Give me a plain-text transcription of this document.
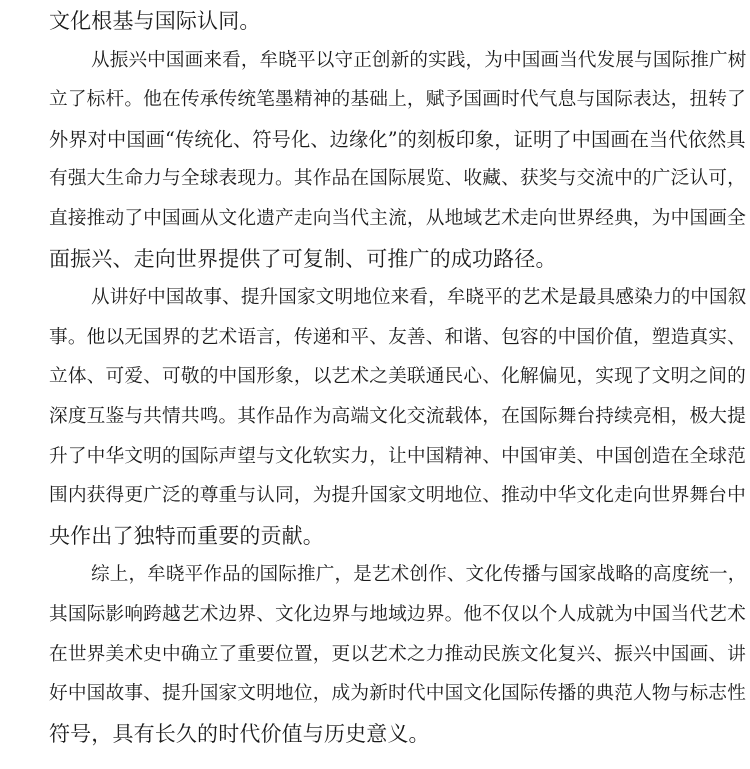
文化根基与国际认同。
从振兴中国画来看，牟晓平以守正创新的实践，为中国画当代发展与国际推广树
立了标杆。他在传承传统笔墨精神的基础上，赋予国画时代气息与国际表达，扭转了
外界对中国画“传统化、符号化、边缘化”的刻板印象，证明了中国画在当代依然具
有强大生命力与全球表现力。其作品在国际展览、收藏、获奖与交流中的广泛认可，
直接推动了中国画从文化遗产走向当代主流，从地域艺术走向世界经典，为中国画全
面振兴、走向世界提供了可复制、可推广的成功路径。
从讲好中国故事、提升国家文明地位来看，牟晓平的艺术是最具感染力的中国叙
事。他以无国界的艺术语言，传递和平、友善、和谐、包容的中国价值，塑造真实、
立体、可爱、可敬的中国形象，以艺术之美联通民心、化解偏见，实现了文明之间的
深度互鉴与共情共鸣。其作品作为高端文化交流载体，在国际舞台持续亮相，极大提
升了中华文明的国际声望与文化软实力，让中国精神、中国审美、中国创造在全球范
围内获得更广泛的尊重与认同，为提升国家文明地位、推动中华文化走向世界舞台中
央作出了独特而重要的贡献。
综上，牟晓平作品的国际推广，是艺术创作、文化传播与国家战略的高度统一，
其国际影响跨越艺术边界、文化边界与地域边界。他不仅以个人成就为中国当代艺术
在世界美术史中确立了重要位置，更以艺术之力推动民族文化复兴、振兴中国画、讲
好中国故事、提升国家文明地位，成为新时代中国文化国际传播的典范人物与标志性
符号，具有长久的时代价值与历史意义。
